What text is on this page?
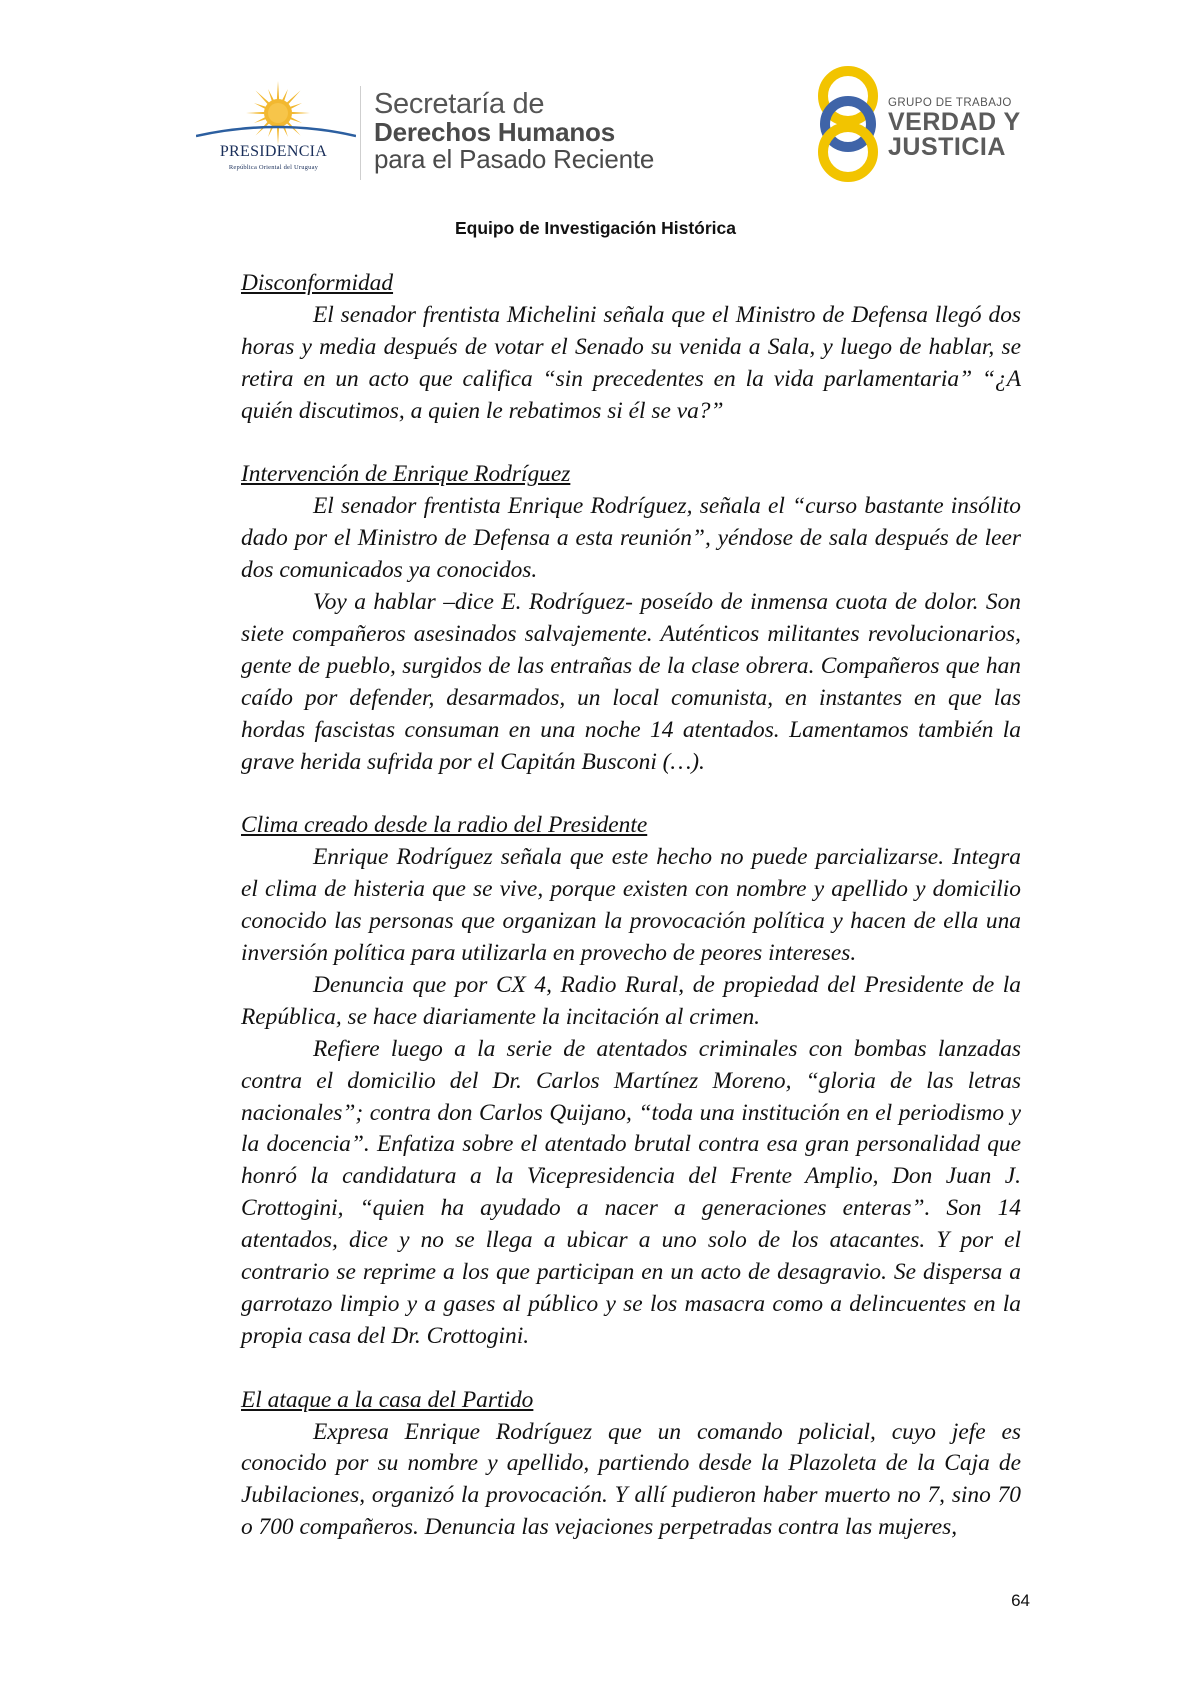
PRESIDENCIA
República Oriental del Uruguay
Secretaría de
Derechos Humanos
para el Pasado Reciente
GRUPO DE TRABAJO
VERDAD Y
JUSTICIA
Equipo de Investigación Histórica

Disconformidad

El senador frentista Michelini señala que el Ministro de Defensa llegó dos horas y media después de votar el Senado su venida a Sala, y luego de hablar, se retira en un acto que califica “sin precedentes en la vida parlamentaria” “¿A quién discutimos, a quien le rebatimos si él se va?”

Intervención de Enrique Rodríguez

El senador frentista Enrique Rodríguez, señala el “curso bastante insólito dado por el Ministro de Defensa a esta reunión”, yéndose de sala después de leer dos comunicados ya conocidos.

Voy a hablar –dice E. Rodríguez- poseído de inmensa cuota de dolor. Son siete compañeros asesinados salvajemente. Auténticos militantes revolucionarios, gente de pueblo, surgidos de las entrañas de la clase obrera. Compañeros que han caído por defender, desarmados, un local comunista, en instantes en que las hordas fascistas consuman en una noche 14 atentados. Lamentamos también la grave herida sufrida por el Capitán Busconi (…).

Clima creado desde la radio del Presidente

Enrique Rodríguez señala que este hecho no puede parcializarse. Integra el clima de histeria que se vive, porque existen con nombre y apellido y domicilio conocido las personas que organizan la provocación política y hacen de ella una inversión política para utilizarla en provecho de peores intereses.

Denuncia que por CX 4, Radio Rural, de propiedad del Presidente de la República, se hace diariamente la incitación al crimen.

Refiere luego a la serie de atentados criminales con bombas lanzadas contra el domicilio del Dr. Carlos Martínez Moreno, “gloria de las letras nacionales”; contra don Carlos Quijano, “toda una institución en el periodismo y la docencia”. Enfatiza sobre el atentado brutal contra esa gran personalidad que honró la candidatura a la Vicepresidencia del Frente Amplio, Don Juan J. Crottogini, “quien ha ayudado a nacer a generaciones enteras”. Son 14 atentados, dice y no se llega a ubicar a uno solo de los atacantes. Y por el contrario se reprime a los que participan en un acto de desagravio. Se dispersa a garrotazo limpio y a gases al público y se los masacra como a delincuentes en la propia casa del Dr. Crottogini.

El ataque a la casa del Partido

Expresa Enrique Rodríguez que un comando policial, cuyo jefe es conocido por su nombre y apellido, partiendo desde la Plazoleta de la Caja de Jubilaciones, organizó la provocación. Y allí pudieron haber muerto no 7, sino 70 o 700 compañeros. Denuncia las vejaciones perpetradas contra las mujeres,

64
